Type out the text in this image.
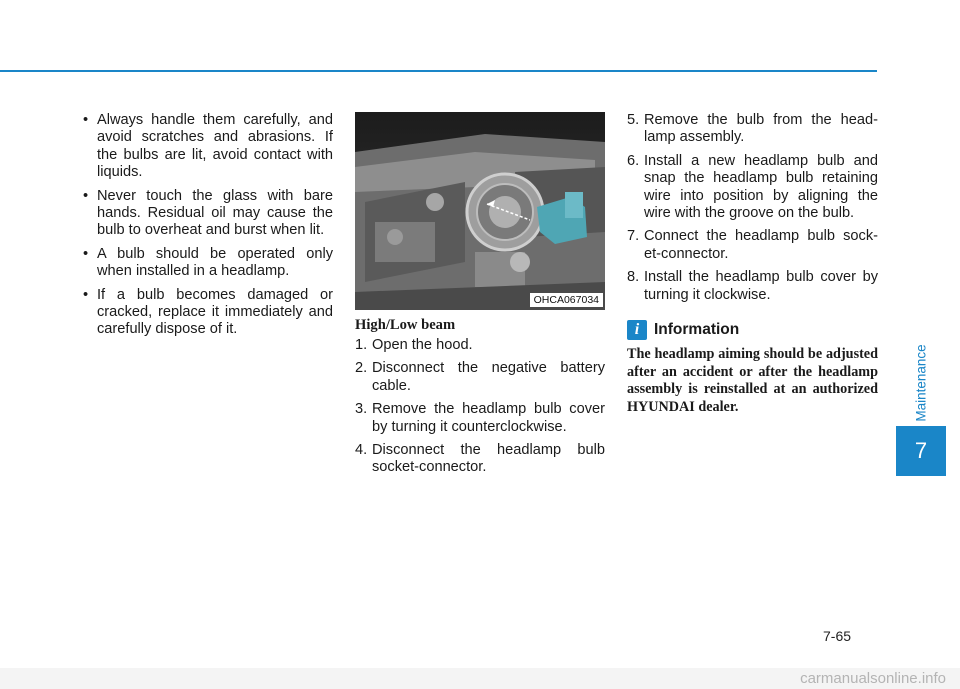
• Always handle them carefully, and avoid scratches and abrasions. If the bulbs are lit, avoid contact with liquids.
• Never touch the glass with bare hands. Residual oil may cause the bulb to overheat and burst when lit.
• A bulb should be operated only when installed in a headlamp.
• If a bulb becomes damaged or cracked, replace it immediately and carefully dispose of it.
OHCA067034
High/Low beam
1. Open the hood.
2. Disconnect the negative battery cable.
3. Remove the headlamp bulb cover by turning it counterclockwise.
4. Disconnect the headlamp bulb socket-connector.
5. Remove the bulb from the head-lamp assembly.
6. Install a new headlamp bulb and snap the headlamp bulb retaining wire into position by aligning the wire with the groove on the bulb.
7. Connect the headlamp bulb sock-et-connector.
8. Install the headlamp bulb cover by turning it clockwise.
i Information
The headlamp aiming should be adjusted after an accident or after the headlamp assembly is reinstalled at an authorized HYUNDAI dealer.	Maintenance
7
7-65
carmanualsonline.info
